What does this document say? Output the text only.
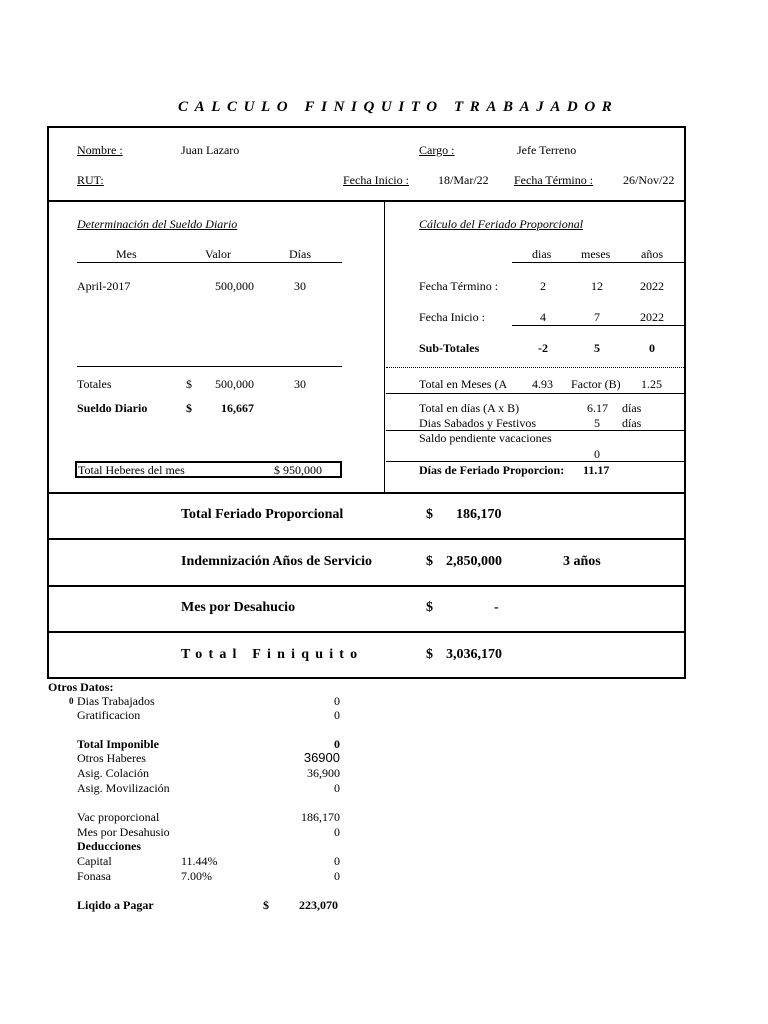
CALCULO FINIQUITO TRABAJADOR
Nombre :	Juan Lazaro	Cargo :	Jefe Terreno
RUT:	Fecha Inicio : 18/Mar/22 Fecha Término : 26/Nov/22
Determinación del Sueldo Diario
Mes	Valor	Días
April-2017	500,000	30
Totales	$	500,000	30
Sueldo Diario	$	16,667
Total Heberes del mes	$ 950,000
Cálculo del Feriado Proporcional
dias meses	años
Fecha Término :	2	12	2022
Fecha Inicio :	4	7	2022
Sub-Totales	-2	5	0
Total en Meses (A 4.93 Factor (B) 1.25
Total en días (A x B)	6.17 días
Dias Sabados y Festivos	5 días
Saldo pendiente vacaciones
0
Días de Feriado Proporcion: 11.17
Total Feriado Proporcional	$ 186,170
Indemnización Años de Servicio	$ 2,850,000	3 años
Mes por Desahucio	$	-
Total Finiquito	$ 3,036,170
Otros Datos:
0 Dias Trabajados	0
Gratificacion	0
Total Imponible	0
Otros Haberes	36900
Asig. Colación	36,900
Asig. Movilización	0
Vac proporcional	186,170
Mes por Desahusio	0
Deducciones
Capital	11.44%	0
Fonasa	7.00%	0
Liqido a Pagar	$	223,070
